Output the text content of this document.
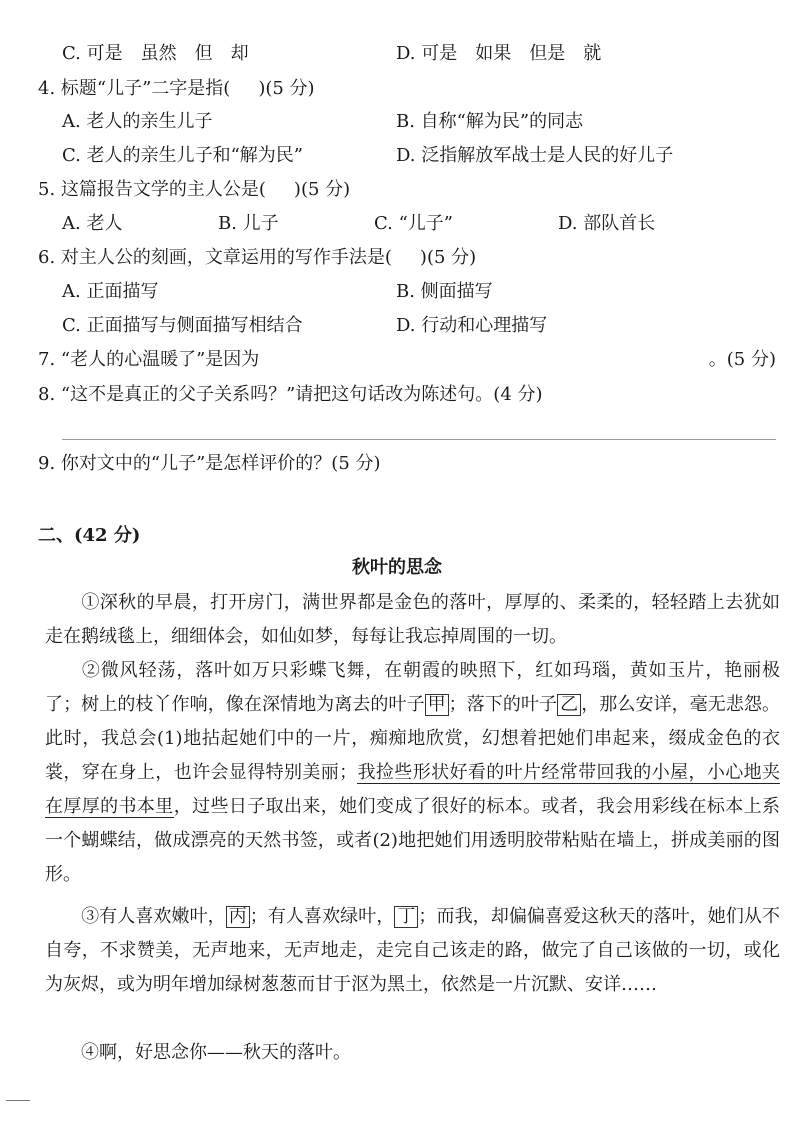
C. 可是　虽然　但　却	D. 可是　如果　但是　就
4. 标题“儿子”二字是指( )(5 分)
A. 老人的亲生儿子	B. 自称“解为民”的同志
C. 老人的亲生儿子和“解为民”	D. 泛指解放军战士是人民的好儿子
5. 这篇报告文学的主人公是( )(5 分)
A. 老人	B. 儿子	C. “儿子”	D. 部队首长
6. 对主人公的刻画，文章运用的写作手法是( )(5 分)
A. 正面描写	B. 侧面描写
C. 正面描写与侧面描写相结合	D. 行动和心理描写
7. “老人的心温暖了”是因为	。(5 分)
8. “这不是真正的父子关系吗？”请把这句话改为陈述句。(4 分)
9. 你对文中的“儿子”是怎样评价的？(5 分)
二、(42 分)
秋叶的思念
①深秋的早晨，打开房门，满世界都是金色的落叶，厚厚的、柔柔的，轻轻踏上去犹如走在鹅绒毯上，细细体会，如仙如梦，每每让我忘掉周围的一切。
②微风轻荡，落叶如万只彩蝶飞舞，在朝霞的映照下，红如玛瑙，黄如玉片，艳丽极了；树上的枝丫作响，像在深情地为离去的叶子 甲 ；落下的叶子 乙 ，那么安详，毫无悲怨。此时，我总会(1)地拈起她们中的一片，痴痴地欣赏，幻想着把她们串起来，缀成金色的衣裳，穿在身上，也许会显得特别美丽；我捡些形状好看的叶片经常带回我的小屋，小心地夹在厚厚的书本里，过些日子取出来，她们变成了很好的标本。或者，我会用彩线在标本上系一个蝴蝶结，做成漂亮的天然书签，或者(2)地把她们用透明胶带粘贴在墙上，拼成美丽的图形。
③有人喜欢嫩叶， 丙 ；有人喜欢绿叶， 丁 ；而我，却偏偏喜爱这秋天的落叶，她们从不自夸，不求赞美，无声地来，无声地走，走完自己该走的路，做完了自己该做的一切，或化为灰烬，或为明年增加绿树葱葱而甘于沤为黑土，依然是一片沉默、安详……
④啊，好思念你——秋天的落叶。
